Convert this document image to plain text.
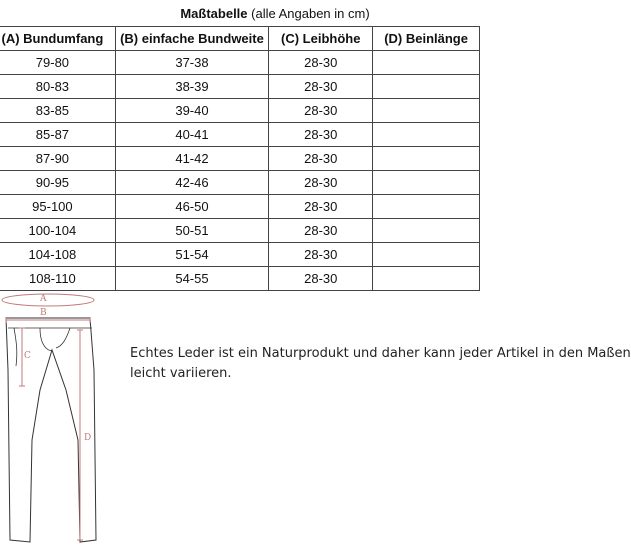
Maßtabelle (alle Angaben in cm)
	(A) Bundumfang	(B) einfache Bundweite	(C) Leibhöhe	(D) Beinlänge
	79-80	37-38	28-30	
	80-83	38-39	28-30	
	83-85	39-40	28-30	
	85-87	40-41	28-30	
	87-90	41-42	28-30	
	90-95	42-46	28-30	
	95-100	46-50	28-30	
	100-104	50-51	28-30	
	104-108	51-54	28-30	
	108-110	54-55	28-30	
A
B
C
D
Echtes Leder ist ein Naturprodukt und daher kann jeder Artikel in den Maßen
leicht variieren.
